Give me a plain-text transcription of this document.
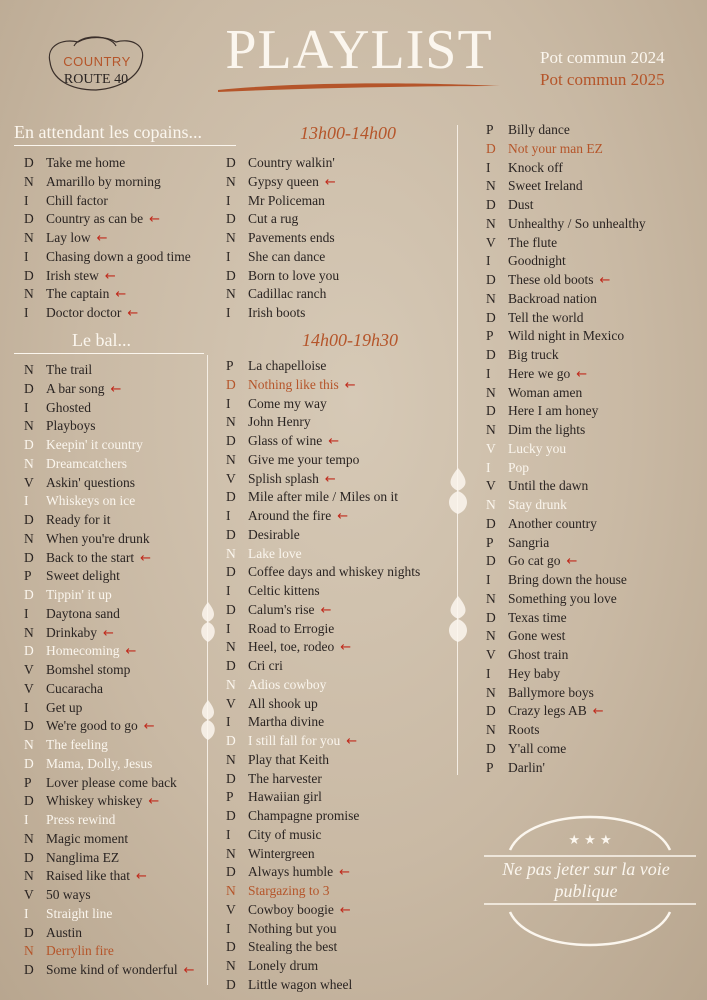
COUNTRY
ROUTE 40 PLAYLIST	Pot commun 2024
Pot commun 2025
En attendant les copains...
Le bal...
13h00-14h00
14h00-19h30
D Take me home
N Amarillo by morning
I Chill factor
D Country as can be ←
N Lay low ←
I Chasing down a good time
D Irish stew ←
N The captain ←
I Doctor doctor ←
N The trail
D A bar song ←
I Ghosted
N Playboys
D Keepin' it country
N Dreamcatchers
V Askin' questions
I Whiskeys on ice
D Ready for it
N When you're drunk
D Back to the start ←
P Sweet delight
D Tippin' it up
I Daytona sand
N Drinkaby ←
D Homecoming ←
V Bomshel stomp
V Cucaracha
I Get up
D We're good to go ←
N The feeling
D Mama, Dolly, Jesus
P Lover please come back
D Whiskey whiskey ←
I Press rewind
N Magic moment
D Nanglima EZ
N Raised like that ←
V 50 ways
I Straight line
D Austin
N Derrylin fire
D Some kind of wonderful ←
D Country walkin'
N Gypsy queen ←
I Mr Policeman
D Cut a rug
N Pavements ends
I She can dance
D Born to love you
N Cadillac ranch
I Irish boots
P La chapelloise
D Nothing like this ←
I Come my way
N John Henry
D Glass of wine ←
N Give me your tempo
V Splish splash ←
D Mile after mile / Miles on it
I Around the fire ←
D Desirable
N Lake love
D Coffee days and whiskey nights
I Celtic kittens
D Calum's rise ←
I Road to Errogie
N Heel, toe, rodeo ←
D Cri cri
N Adios cowboy
V All shook up
I Martha divine
D I still fall for you ←
N Play that Keith
D The harvester
P Hawaiian girl
D Champagne promise
I City of music
N Wintergreen
D Always humble ←
N Stargazing to 3
V Cowboy boogie ←
I Nothing but you
D Stealing the best
N Lonely drum
D Little wagon wheel
P Billy dance
D Not your man EZ
I Knock off
N Sweet Ireland
D Dust
N Unhealthy / So unhealthy
V The flute
I Goodnight
D These old boots ←
N Backroad nation
D Tell the world
P Wild night in Mexico
D Big truck
I Here we go ←
N Woman amen
D Here I am honey
N Dim the lights
V Lucky you
I Pop
V Until the dawn
N Stay drunk
D Another country
P Sangria
D Go cat go ←
I Bring down the house
N Something you love
D Texas time
N Gone west
V Ghost train
I Hey baby
N Ballymore boys
D Crazy legs AB ←
N Roots
D Y'all come
P Darlin'
★ ★ ★
Ne pas jeter sur la voie publique
